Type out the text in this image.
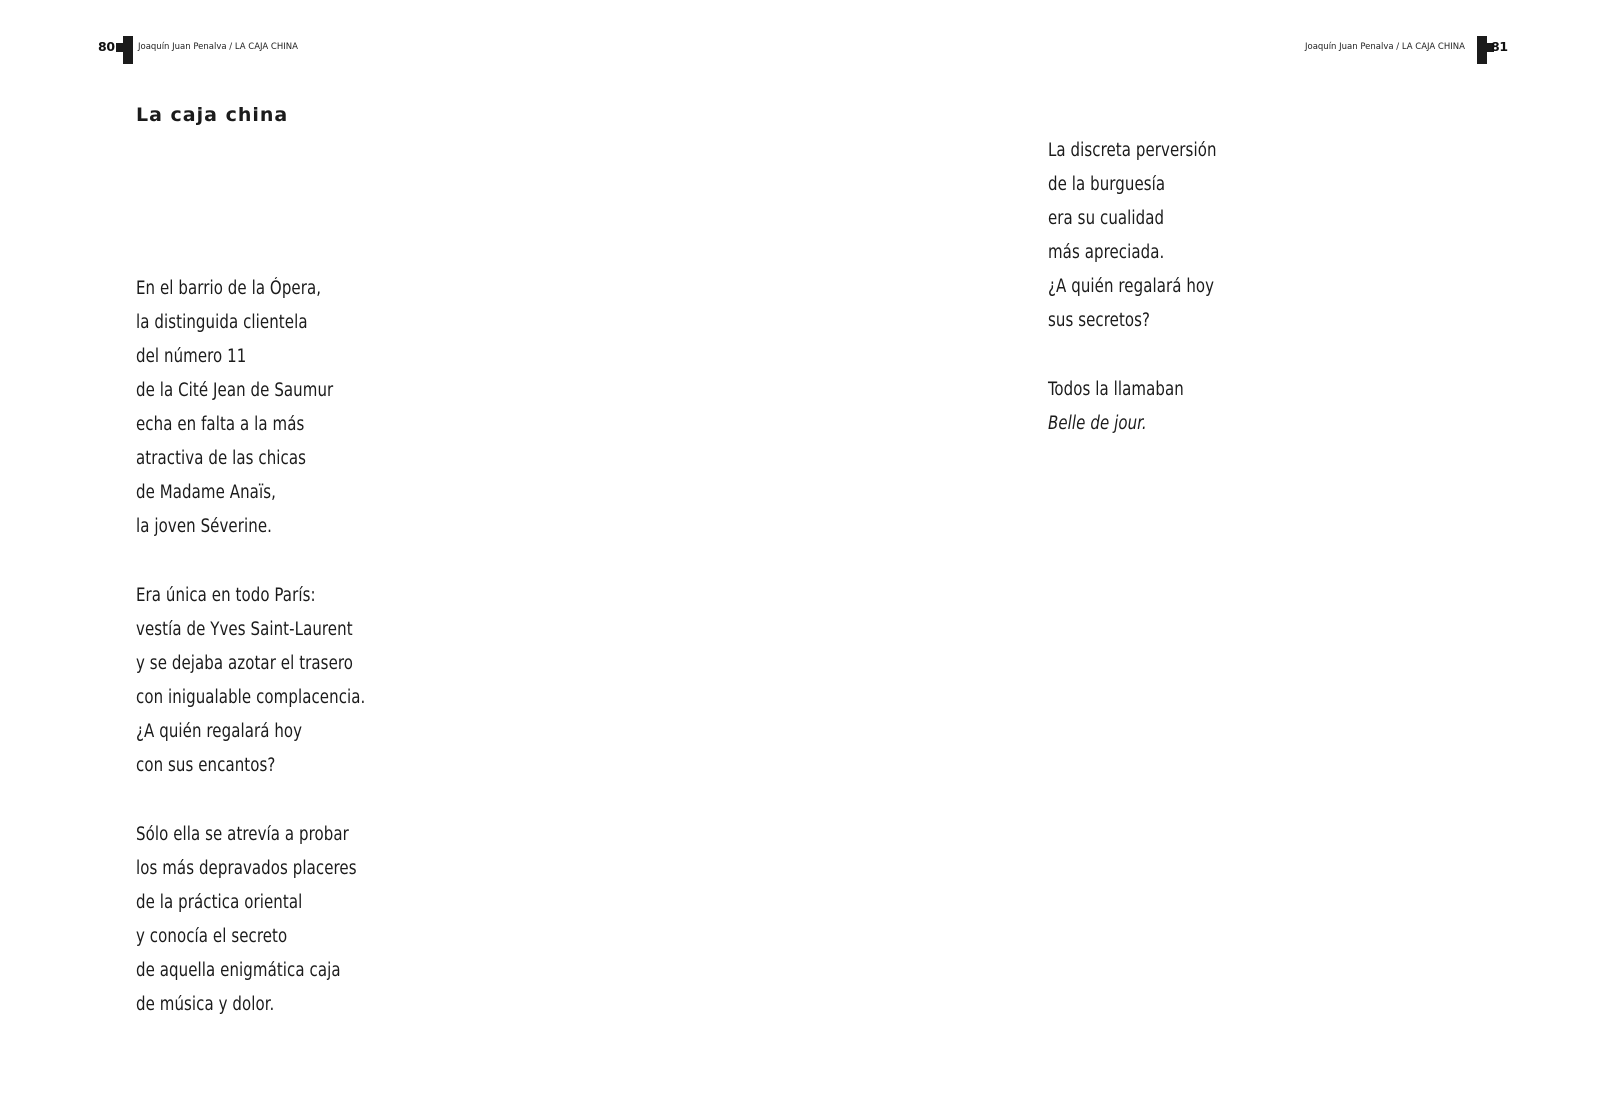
80	Joaquín Juan Penalva / LA CAJA CHINA
La caja china
En el barrio de la Ópera,
la distinguida clientela
del número 11
de la Cité Jean de Saumur
echa en falta a la más
atractiva de las chicas
de Madame Anaïs,
la joven Séverine.
Era única en todo París:
vestía de Yves Saint-Laurent
y se dejaba azotar el trasero
con inigualable complacencia.
¿A quién regalará hoy
con sus encantos?
Sólo ella se atrevía a probar
los más depravados placeres
de la práctica oriental
y conocía el secreto
de aquella enigmática caja
de música y dolor.
Joaquín Juan Penalva / LA CAJA CHINA 81
La discreta perversión
de la burguesía
era su cualidad
más apreciada.
¿A quién regalará hoy
sus secretos?
Todos la llamaban
Belle de jour.
